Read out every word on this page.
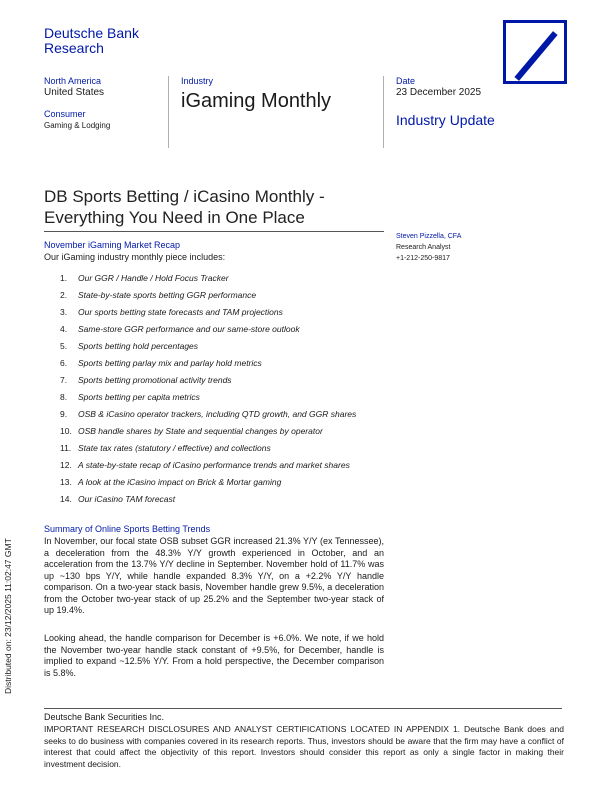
Deutsche Bank
Research
North America
United States
Consumer
Gaming & Lodging
Industry
iGaming Monthly
Date
23 December 2025
Industry Update
DB Sports Betting / iCasino Monthly - Everything You Need in One Place
Steven Pizzella, CFA
Research Analyst
+1-212-250-9817
November iGaming Market Recap
Our iGaming industry monthly piece includes:
1.	Our GGR / Handle / Hold Focus Tracker
2.	State-by-state sports betting GGR performance
3.	Our sports betting state forecasts and TAM projections
4.	Same-store GGR performance and our same-store outlook
5.	Sports betting hold percentages
6.	Sports betting parlay mix and parlay hold metrics
7.	Sports betting promotional activity trends
8.	Sports betting per capita metrics
9.	OSB & iCasino operator trackers, including QTD growth, and GGR shares
10. OSB handle shares by State and sequential changes by operator
11. State tax rates (statutory / effective) and collections
12. A state-by-state recap of iCasino performance trends and market shares
13. A look at the iCasino impact on Brick & Mortar gaming
14. Our iCasino TAM forecast
Summary of Online Sports Betting Trends
In November, our focal state OSB subset GGR increased 21.3% Y/Y (ex Tennessee), a deceleration from the 48.3% Y/Y growth experienced in October, and an acceleration from the 13.7% Y/Y decline in September. November hold of 11.7% was up ~130 bps Y/Y, while handle expanded 8.3% Y/Y, on a +2.2% Y/Y handle comparison. On a two-year stack basis, November handle grew 9.5%, a deceleration from the October two-year stack of up 25.2% and the September two-year stack of up 19.4%.
Looking ahead, the handle comparison for December is +6.0%. We note, if we hold the November two-year handle stack constant of +9.5%, for December, handle is implied to expand ~12.5% Y/Y. From a hold perspective, the December comparison is 5.8%.
Deutsche Bank Securities Inc.
IMPORTANT RESEARCH DISCLOSURES AND ANALYST CERTIFICATIONS LOCATED IN APPENDIX 1. Deutsche Bank does and seeks to do business with companies covered in its research reports. Thus, investors should be aware that the firm may have a conflict of interest that could affect the objectivity of this report. Investors should consider this report as only a single factor in making their investment decision.
Distributed on: 23/12/2025 11:02:47 GMT
